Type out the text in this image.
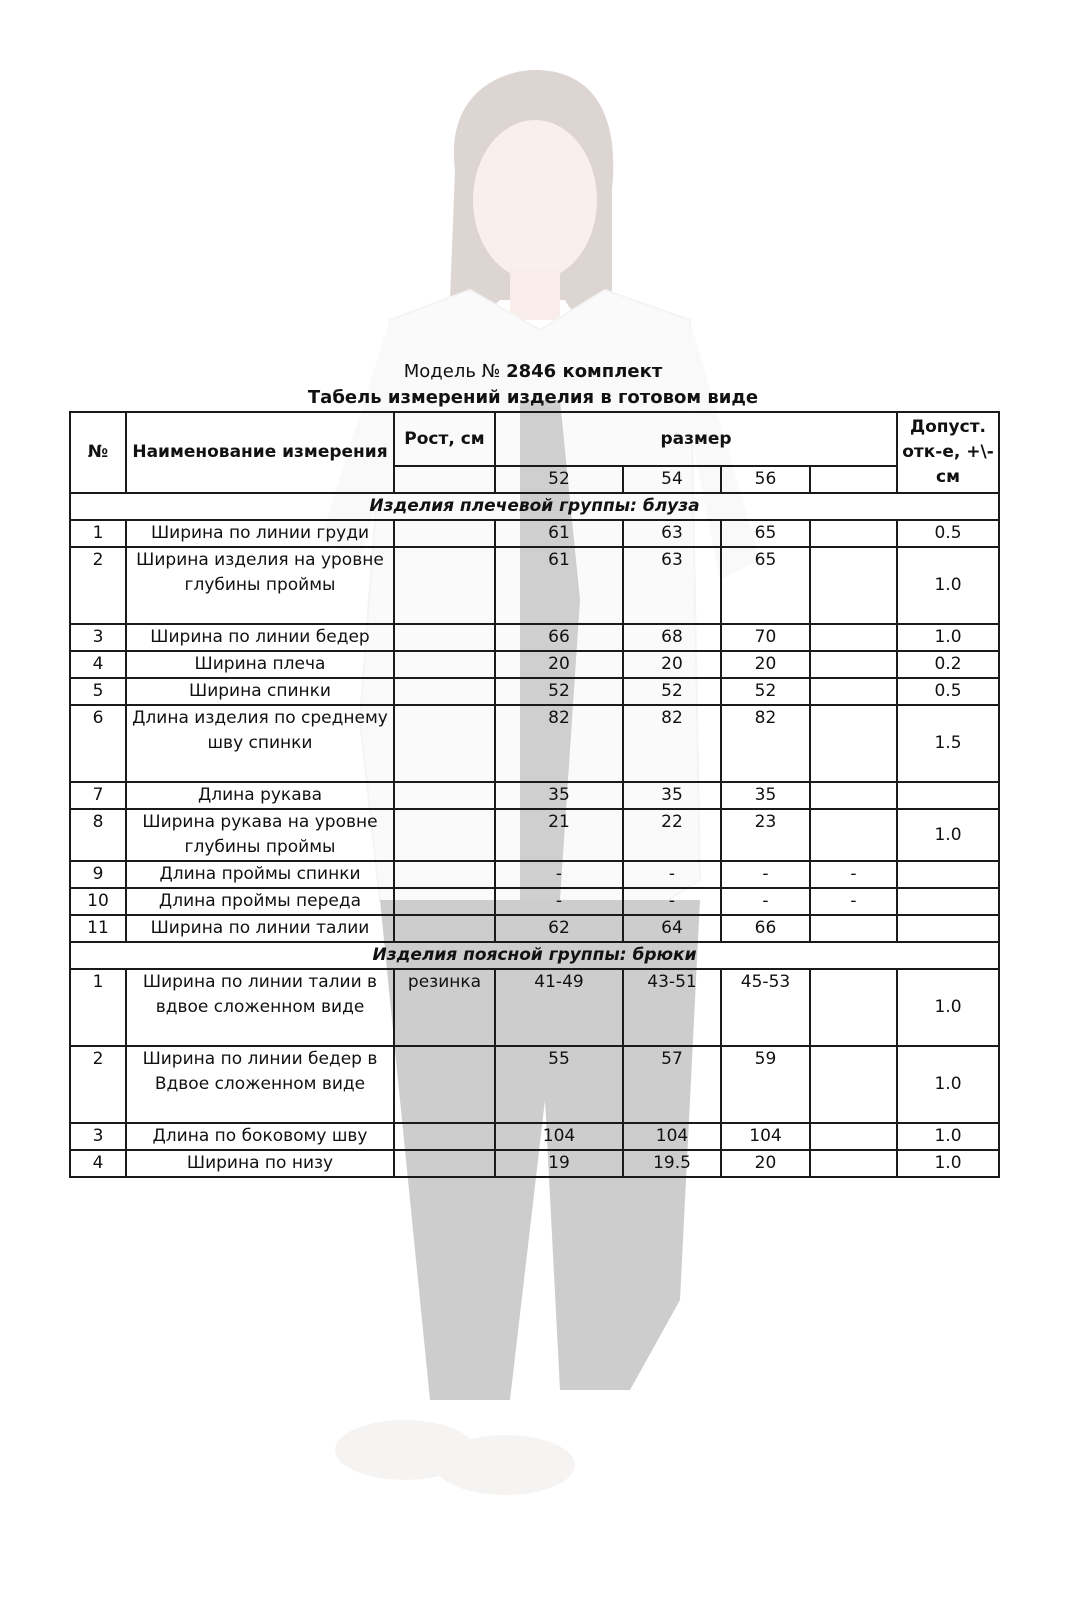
Модель № 2846 комплект
Табель измерений изделия в готовом виде
№	Наименование измерения	Рост, см	размер				Допуст. отк-е, +\-см
			52	54	56		
Изделия плечевой группы: блуза							
1	Ширина по линии груди		61	63	65		0.5
2	Ширина изделия на уровне глубины проймы		61	63	65		1.0
3	Ширина по линии бедер		66	68	70		1.0
4	Ширина плеча		20	20	20		0.2
5	Ширина спинки		52	52	52		0.5
6	Длина изделия по среднему шву спинки		82	82	82		1.5
7	Длина рукава		35	35	35		
8	Ширина рукава на уровне глубины проймы		21	22	23		1.0
9	Длина проймы спинки		-	-	-	-	
10	Длина проймы переда		-	-	-	-	
11	Ширина по линии талии		62	64	66		
Изделия поясной группы: брюки							
1	Ширина по линии талии в вдвое сложенном виде	резинка	41-49	43-51	45-53		1.0
2	Ширина по линии бедер в Вдвое сложенном виде		55	57	59		1.0
3	Длина по боковому шву		104	104	104		1.0
4	Ширина по низу		19	19.5	20		1.0
